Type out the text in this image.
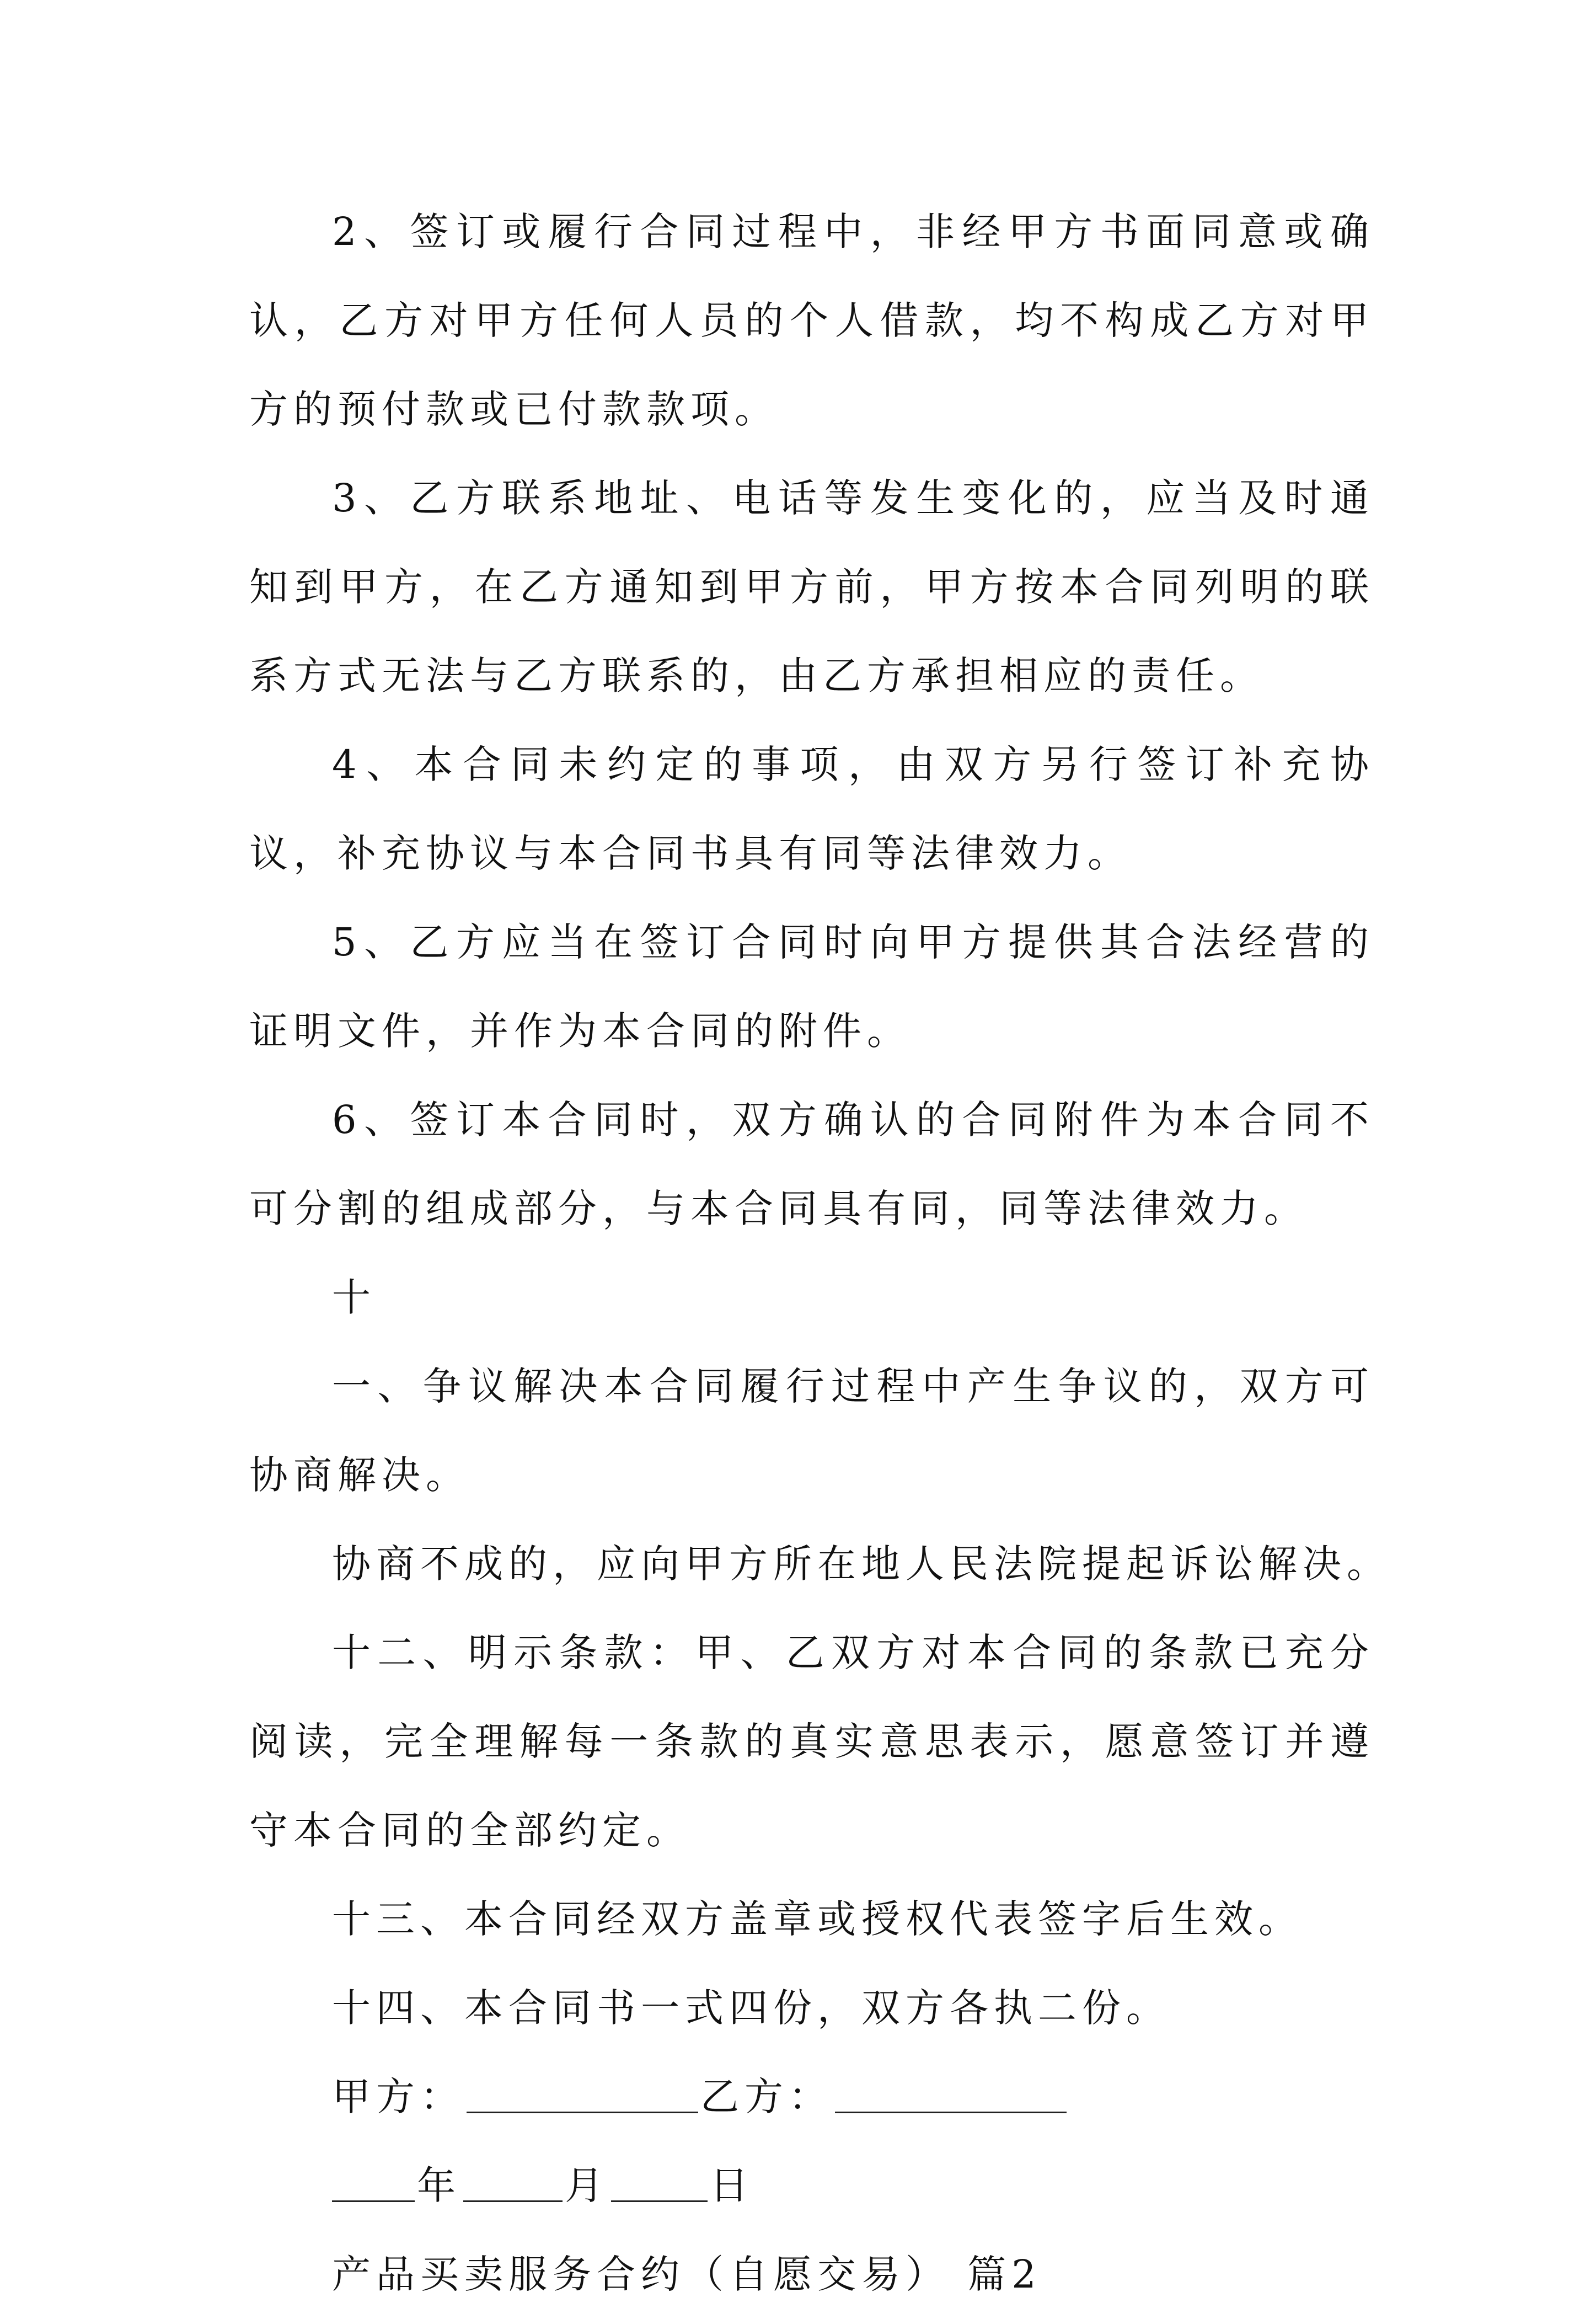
2、签订或履行合同过程中，非经甲方书面同意或确认，乙方对甲方任何人员的个人借款，均不构成乙方对甲方的预付款或已付款款项。

3、乙方联系地址、电话等发生变化的，应当及时通知到甲方，在乙方通知到甲方前，甲方按本合同列明的联系方式无法与乙方联系的，由乙方承担相应的责任。

4、本合同未约定的事项，由双方另行签订补充协议，补充协议与本合同书具有同等法律效力。

5、乙方应当在签订合同时向甲方提供其合法经营的证明文件，并作为本合同的附件。

6、签订本合同时，双方确认的合同附件为本合同不可分割的组成部分，与本合同具有同，同等法律效力。

十

一、争议解决本合同履行过程中产生争议的，双方可协商解决。

协商不成的，应向甲方所在地人民法院提起诉讼解决。

十二、明示条款：甲、乙双方对本合同的条款已充分阅读，完全理解每一条款的真实意思表示，愿意签订并遵守本合同的全部约定。

十三、本合同经双方盖章或授权代表签字后生效。

十四、本合同书一式四份，双方各执二份。

甲方：	乙方：
年	月	日

产品买卖服务合约（自愿交易） 篇2
